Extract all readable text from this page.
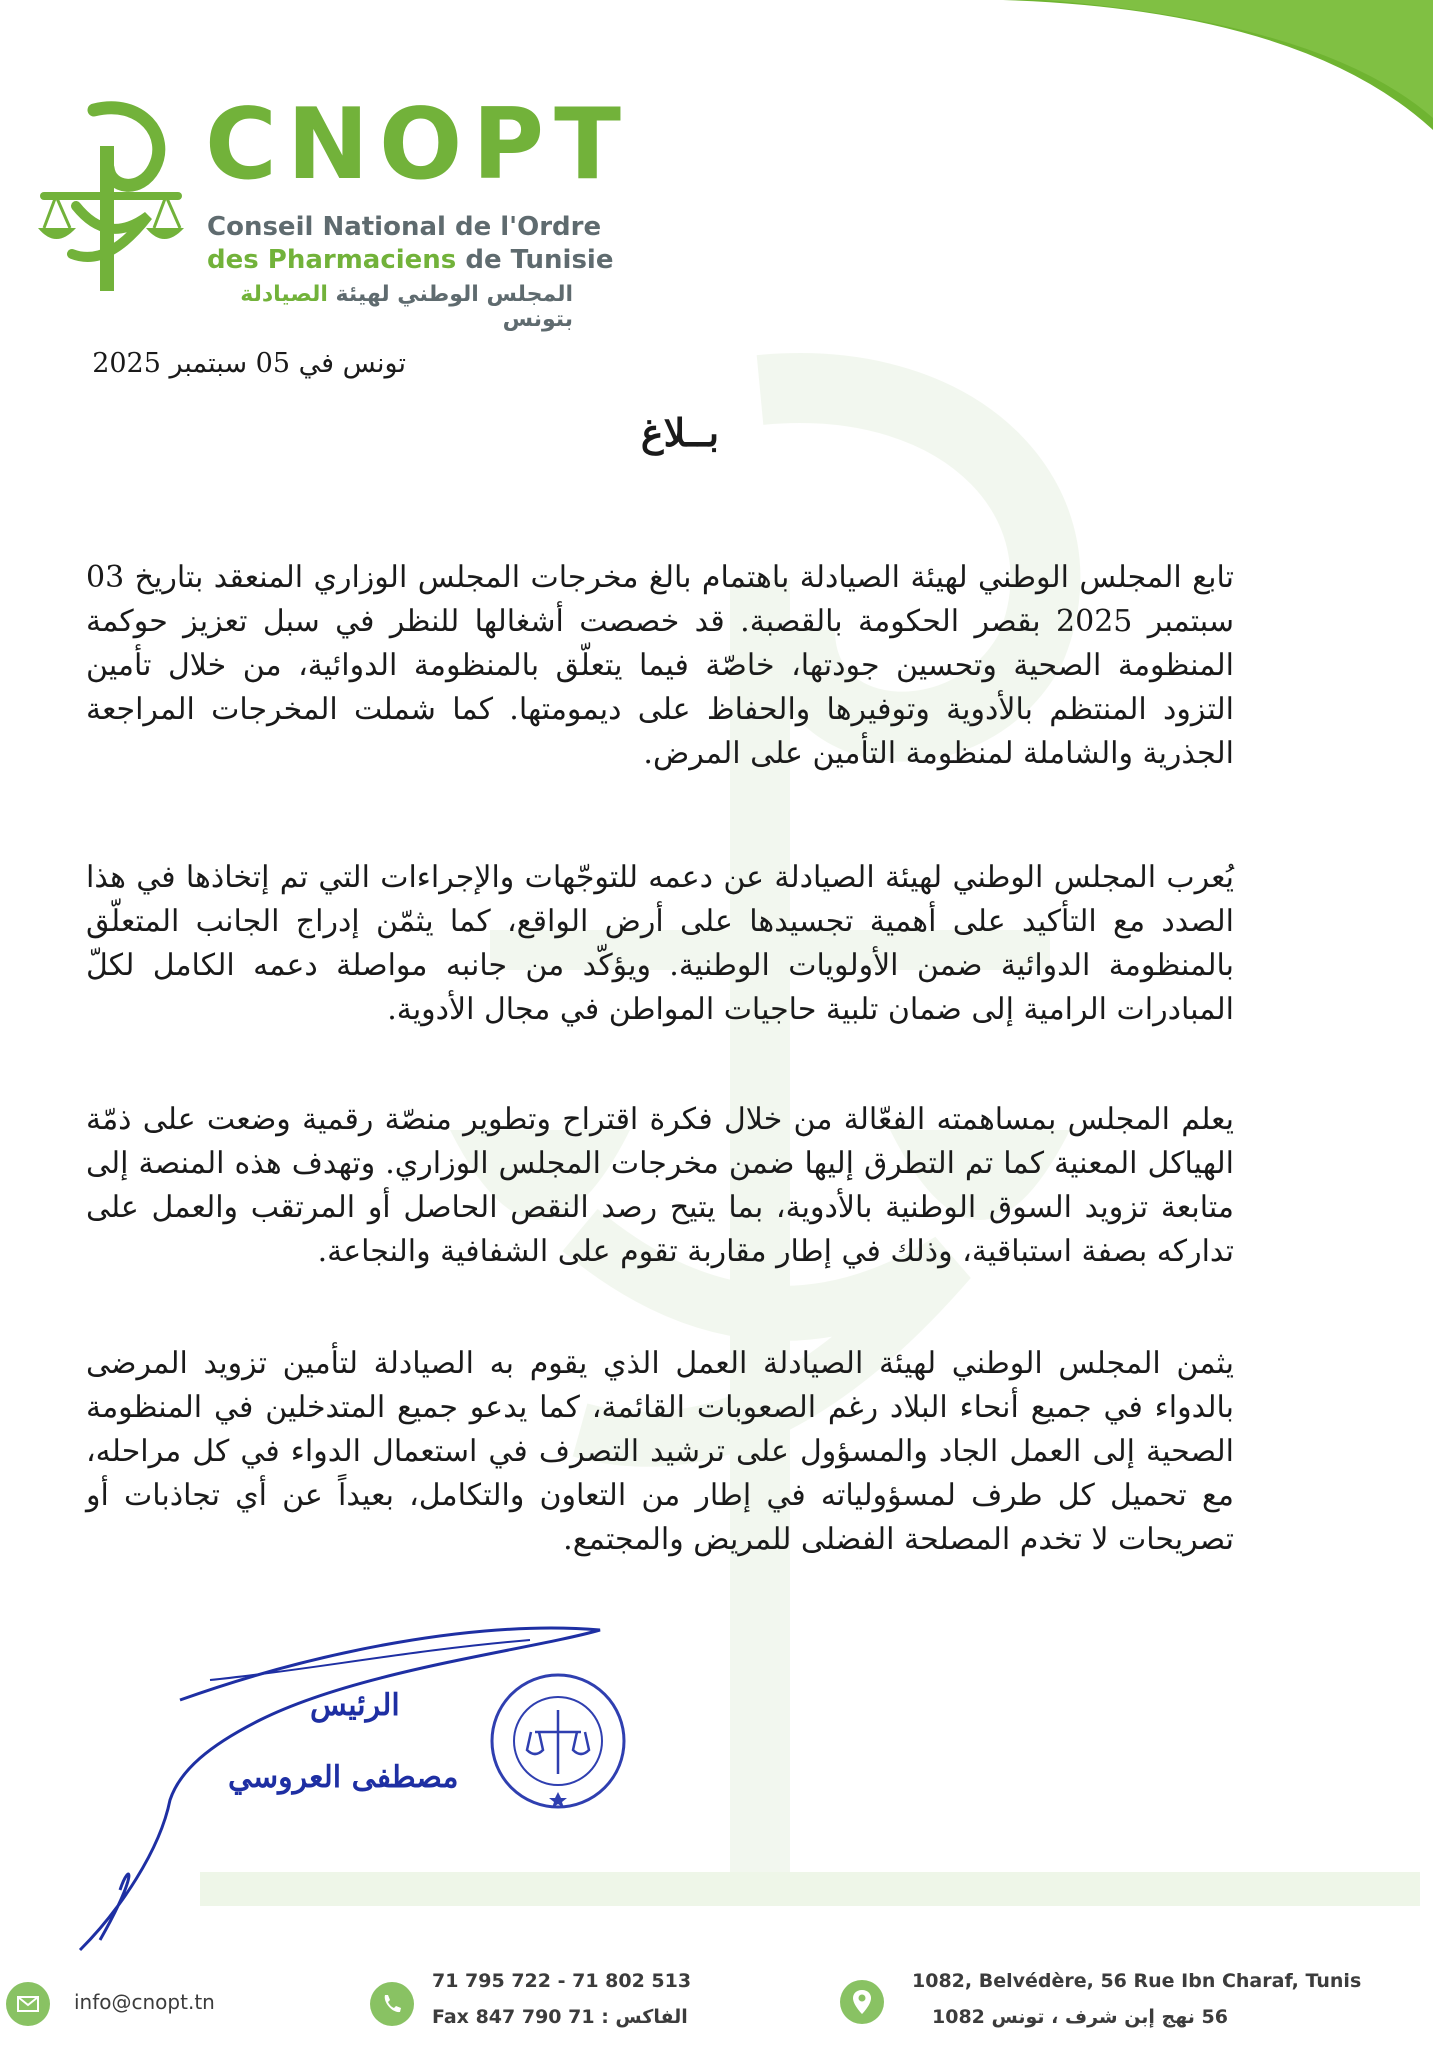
CNOPT
Conseil National de l'Ordre
des Pharmaciens de Tunisie
المجلس الوطني لهيئة الصيادلة بتونس
تونس في 05 سبتمبر 2025
بــلاغ
تابع المجلس الوطني لهيئة الصيادلة باهتمام بالغ مخرجات المجلس الوزاري المنعقد بتاريخ 03 سبتمبر 2025 بقصر الحكومة بالقصبة. قد خصصت أشغالها للنظر في سبل تعزيز حوكمة المنظومة الصحية وتحسين جودتها، خاصّة فيما يتعلّق بالمنظومة الدوائية، من خلال تأمين التزود المنتظم بالأدوية وتوفيرها والحفاظ على ديمومتها. كما شملت المخرجات المراجعة الجذرية والشاملة لمنظومة التأمين على المرض.
يُعرب المجلس الوطني لهيئة الصيادلة عن دعمه للتوجّهات والإجراءات التي تم إتخاذها في هذا الصدد مع التأكيد على أهمية تجسيدها على أرض الواقع، كما يثمّن إدراج الجانب المتعلّق بالمنظومة الدوائية ضمن الأولويات الوطنية. ويؤكّد من جانبه مواصلة دعمه الكامل لكلّ المبادرات الرامية إلى ضمان تلبية حاجيات المواطن في مجال الأدوية.
يعلم المجلس بمساهمته الفعّالة من خلال فكرة اقتراح وتطوير منصّة رقمية وضعت على ذمّة الهياكل المعنية كما تم التطرق إليها ضمن مخرجات المجلس الوزاري. وتهدف هذه المنصة إلى متابعة تزويد السوق الوطنية بالأدوية، بما يتيح رصد النقص الحاصل أو المرتقب والعمل على تداركه بصفة استباقية، وذلك في إطار مقاربة تقوم على الشفافية والنجاعة.
يثمن المجلس الوطني لهيئة الصيادلة العمل الذي يقوم به الصيادلة لتأمين تزويد المرضى بالدواء في جميع أنحاء البلاد رغم الصعوبات القائمة، كما يدعو جميع المتدخلين في المنظومة الصحية إلى العمل الجاد والمسؤول على ترشيد التصرف في استعمال الدواء في كل مراحله، مع تحميل كل طرف لمسؤولياته في إطار من التعاون والتكامل، بعيداً عن أي تجاذبات أو تصريحات لا تخدم المصلحة الفضلى للمريض والمجتمع.
الرئيس
مصطفى العروسي
info@cnopt.tn
71 795 722 - 71 802 513
Fax الفاكس : 71 790 847
1082, Belvédère, 56 Rue Ibn Charaf, Tunis
56 نهج إبن شرف ، تونس 1082
